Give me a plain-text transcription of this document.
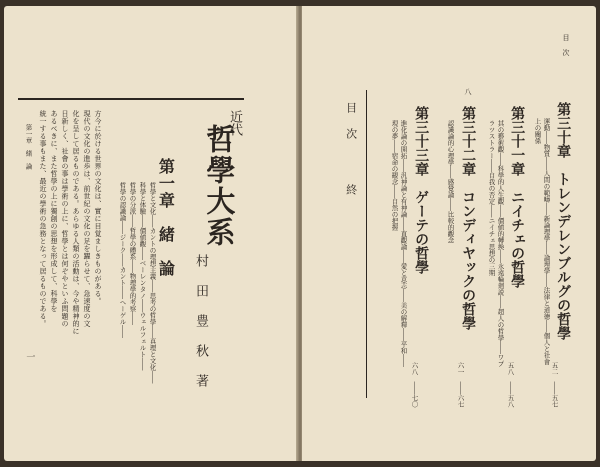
近代
哲學大系
第一章　緒　論
村　田　豊　秋　著
哲學と文化――カントの理想主義――思考の哲學――真理と文化――
科學と体驗――價値觀――ベーレンタノ――ウェルフェルト――
哲學の分派――哲學の體系――物理學的考察――
哲學の認識論――ジーク――カント――ヘーゲル――
方今に於ける世界の文化は、實に目覚ましきものがある。
現代の文化の進歩は、前世紀の文化の足を躍らせて、急速度の文
化を呈して居るものである。あらゆる人類の活動は、今や精神的に
日新しく、社會の事は學術の上に、哲學とは何ぞやといふ問題の
あるべきに、また哲學の上に獨創の思想を形成して、科學を
統一する事もまた、最近の學術の急務となって居るものである。
第一章　緒　論
一
目　次
八
第三十章　トレンデレンブルグの哲學
運動――物質――人間の範疇――新論理學――論理學――法律と道徳――個人と社會
上の關係
五二　――五七
第三十一章　ニイチェの哲學
其の藝術觀――科學的人生觀――價値的轉換――永遠輪廻説――超人の哲學――ワプ
ラツストラー――自我の否定――ニイチェ思想の三期
五八　――五八
第三十二章　コンディヤックの哲學
認識論的心理學――感覺論――比較的觀念
六一　――六七
第三十三章　ゲーテの哲學
進化論の開拓――汎神論と有神論――直觀論――愛と意志――美の解釋――平和――
現の夢――宿命の観念――自然の把握
六八　――七〇
目　次
終
